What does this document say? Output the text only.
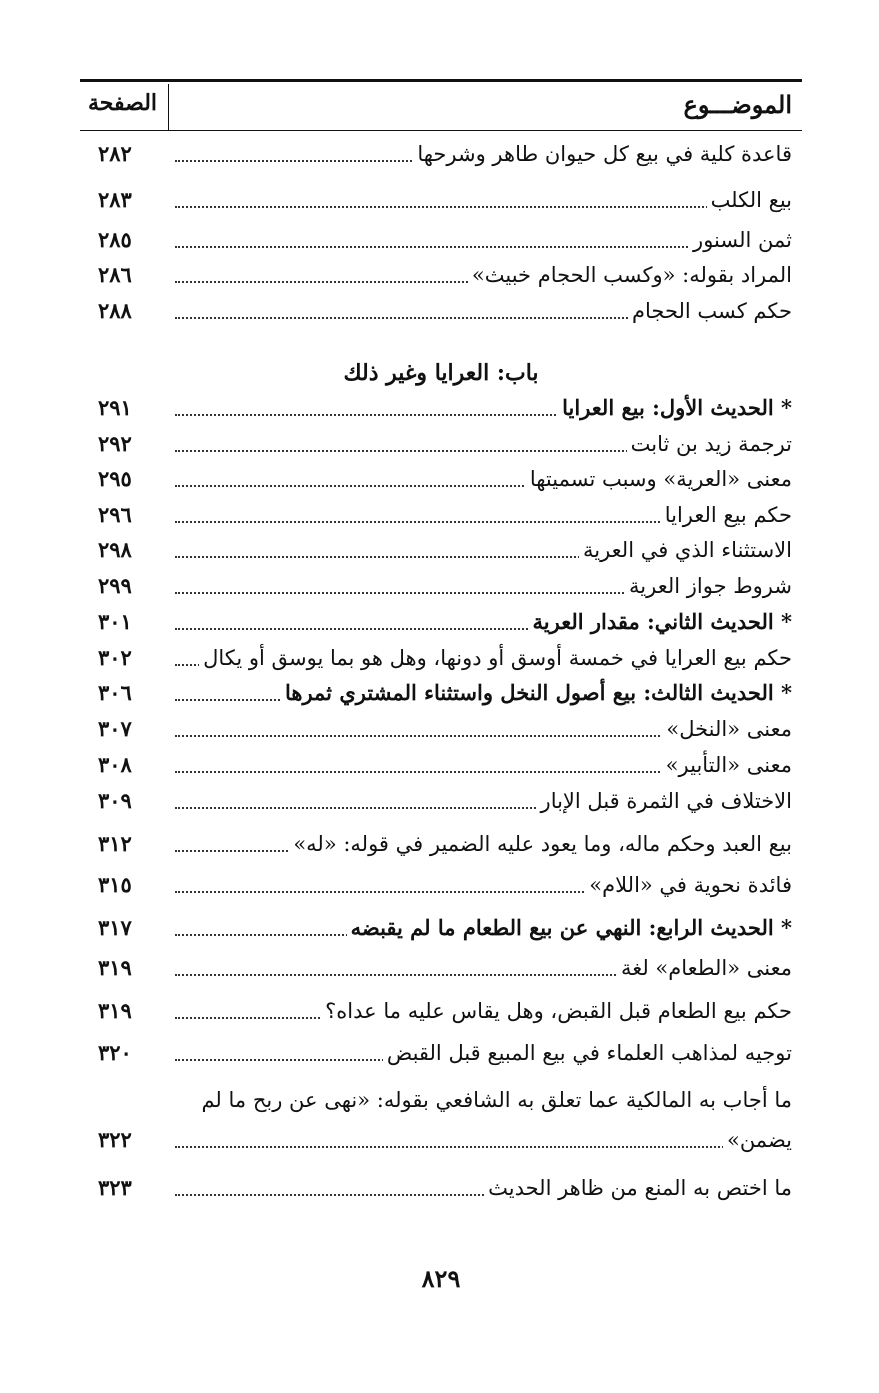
الموضـــوع
الصفحة
قاعدة كلية في بيع كل حيوان طاهر وشرحها
٢٨٢
بيع الكلب
٢٨٣
ثمن السنور
٢٨٥
المراد بقوله: «وكسب الحجام خبيث»
٢٨٦
حكم كسب الحجام
٢٨٨
باب: العرايا وغير ذلك
* الحديث الأول: بيع العرايا
٢٩١
ترجمة زيد بن ثابت
٢٩٢
معنى «العرية» وسبب تسميتها
٢٩٥
حكم بيع العرايا
٢٩٦
الاستثناء الذي في العرية
٢٩٨
شروط جواز العرية
٢٩٩
* الحديث الثاني: مقدار العرية
٣٠١
حكم بيع العرايا في خمسة أوسق أو دونها، وهل هو بما يوسق أو يكال
٣٠٢
* الحديث الثالث: بيع أصول النخل واستثناء المشتري ثمرها
٣٠٦
معنى «النخل»
٣٠٧
معنى «التأبير»
٣٠٨
الاختلاف في الثمرة قبل الإبار
٣٠٩
بيع العبد وحكم ماله، وما يعود عليه الضمير في قوله: «له»
٣١٢
فائدة نحوية في «اللام»
٣١٥
* الحديث الرابع: النهي عن بيع الطعام ما لم يقبضه
٣١٧
معنى «الطعام» لغة
٣١٩
حكم بيع الطعام قبل القبض، وهل يقاس عليه ما عداه؟
٣١٩
توجيه لمذاهب العلماء في بيع المبيع قبل القبض
٣٢٠
ما أجاب به المالكية عما تعلق به الشافعي بقوله: «نهى عن ربح ما لم
يضمن»
٣٢٢
ما اختص به المنع من ظاهر الحديث
٣٢٣
٨٢٩
